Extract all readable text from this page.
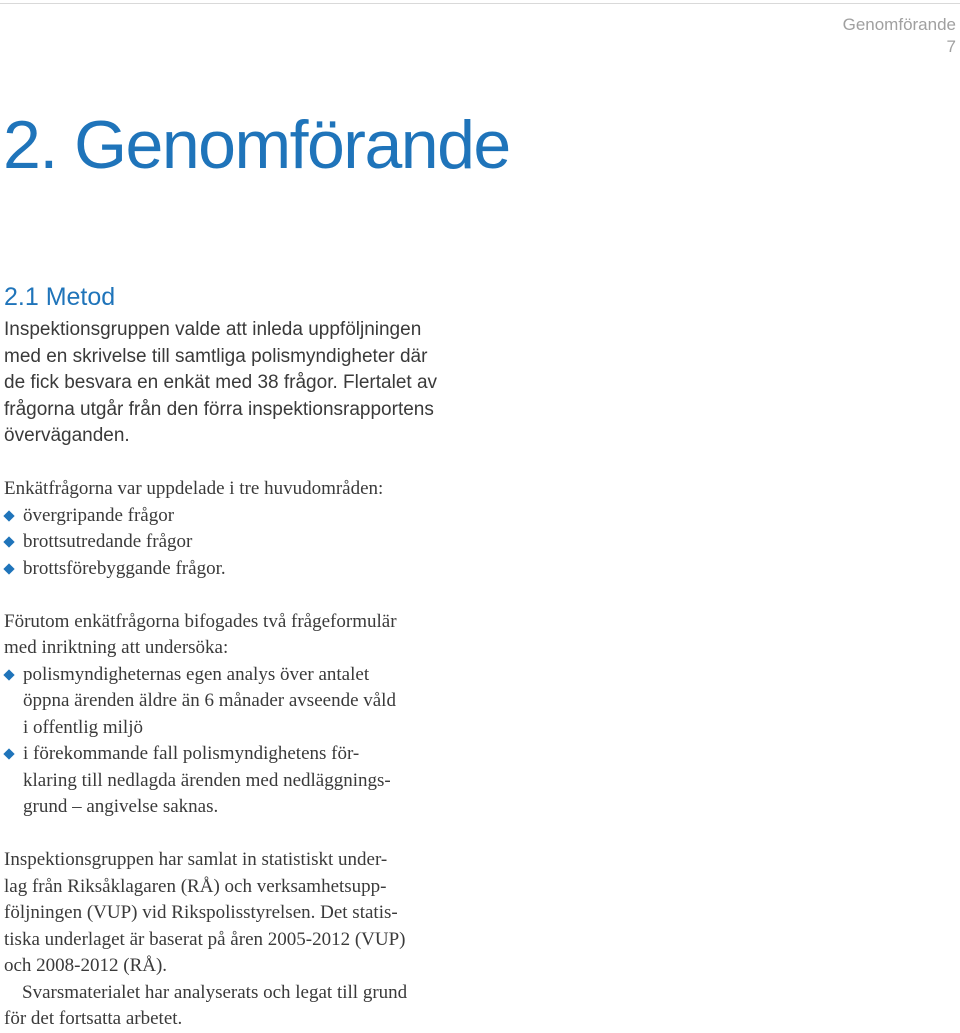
Genomförande
7
2. Genomförande
2.1 Metod

Inspektionsgruppen valde att inleda uppföljningen
med en skrivelse till samtliga polismyndigheter där
de fick besvara en enkät med 38 frågor. Flertalet av
frågorna utgår från den förra inspektionsrapportens
överväganden.

Enkätfrågorna var uppdelade i tre huvudområden:

övergripande frågor
brottsutredande frågor
brottsförebyggande frågor.

Förutom enkätfrågorna bifogades två frågeformulär
med inriktning att undersöka:

polismyndigheternas egen analys över antalet
öppna ärenden äldre än 6 månader avseende våld
i offentlig miljö
i förekommande fall polismyndighetens för-
klaring till nedlagda ärenden med nedläggnings-
grund – angivelse saknas.

Inspektionsgruppen har samlat in statistiskt under-
lag från Riksåklagaren (RÅ) och verksamhetsupp-
följningen (VUP) vid Rikspolisstyrelsen. Det statis-
tiska underlaget är baserat på åren 2005-2012 (VUP)
och 2008-2012 (RÅ).

Svarsmaterialet har analyserats och legat till grund
för det fortsatta arbetet.
